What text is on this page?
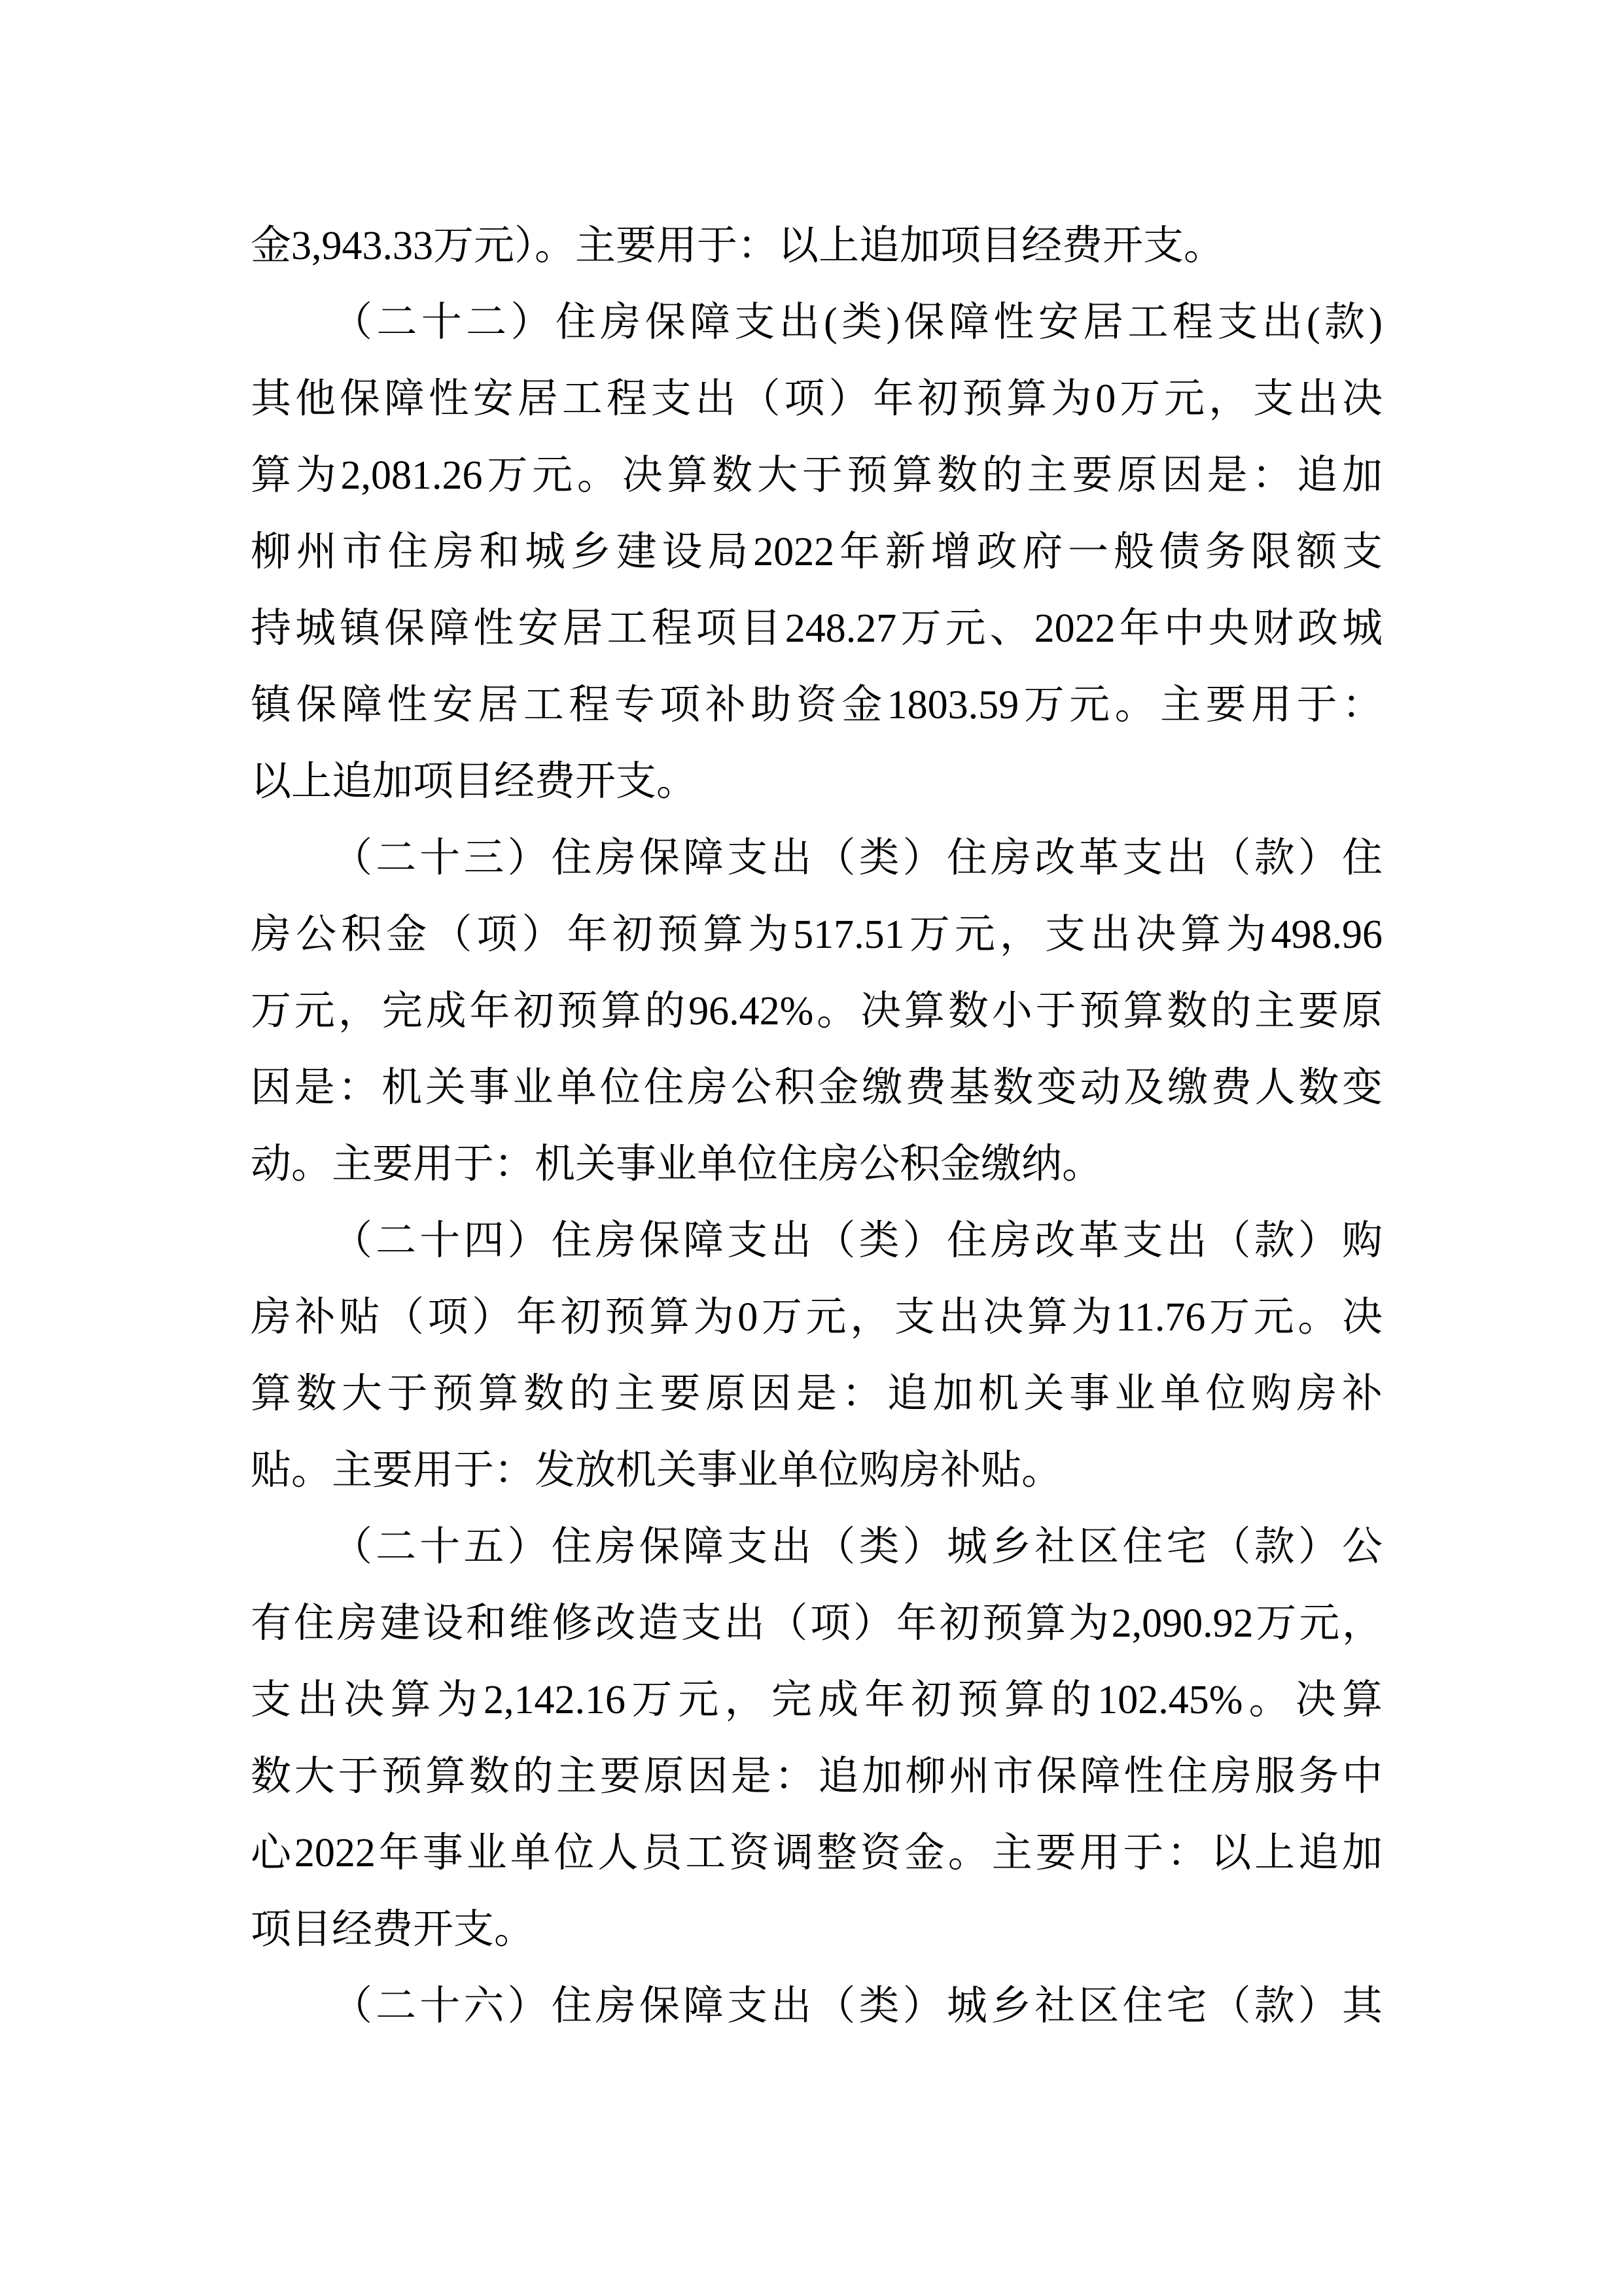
金3,943.33万元）。主要用于：以上追加项目经费开支。
（二十二）住房保障支出(类)保障性安居工程支出(款)
其他保障性安居工程支出（项）年初预算为0万元，支出决
算为2,081.26万元。决算数大于预算数的主要原因是：追加
柳州市住房和城乡建设局2022年新增政府一般债务限额支
持城镇保障性安居工程项目248.27万元、2022年中央财政城
镇保障性安居工程专项补助资金1803.59万元。主要用于：
以上追加项目经费开支。
（二十三）住房保障支出（类）住房改革支出（款）住
房公积金（项）年初预算为517.51万元，支出决算为498.96
万元，完成年初预算的96.42%。决算数小于预算数的主要原
因是：机关事业单位住房公积金缴费基数变动及缴费人数变
动。主要用于：机关事业单位住房公积金缴纳。
（二十四）住房保障支出（类）住房改革支出（款）购
房补贴（项）年初预算为0万元，支出决算为11.76万元。决
算数大于预算数的主要原因是：追加机关事业单位购房补
贴。主要用于：发放机关事业单位购房补贴。
（二十五）住房保障支出（类）城乡社区住宅（款）公
有住房建设和维修改造支出（项）年初预算为2,090.92万元，
支出决算为2,142.16万元，完成年初预算的102.45%。决算
数大于预算数的主要原因是：追加柳州市保障性住房服务中
心2022年事业单位人员工资调整资金。主要用于：以上追加
项目经费开支。
（二十六）住房保障支出（类）城乡社区住宅（款）其
